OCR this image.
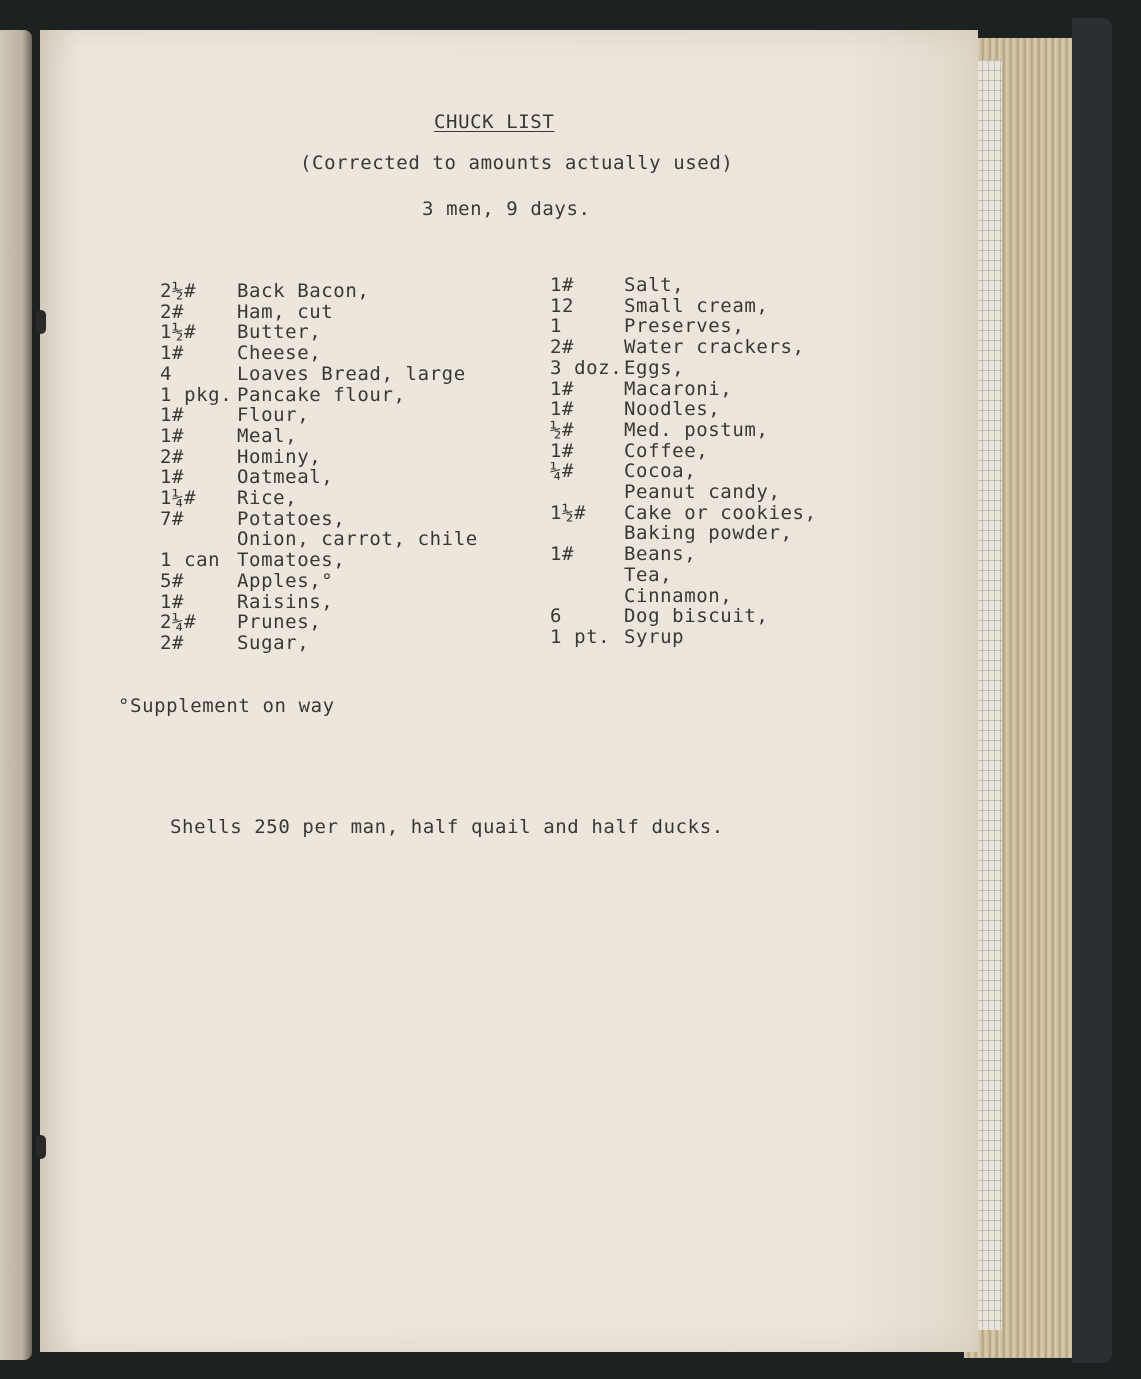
CHUCK LIST
(Corrected to amounts actually used)
3 men, 9 days.
2½# Back Bacon,
2#	Ham, cut
1½# Butter,
1#	Cheese,
4	Loaves Bread, large
1 pkg. Pancake flour,
1#	Flour,
1#	Meal,
2#	Hominy,
1#	Oatmeal,
1¼# Rice,
7#	Potatoes,
Onion, carrot, chile
1 can Tomatoes,
5#	Apples,°
1#	Raisins,
2¼# Prunes,
2#	Sugar,
1#	Salt,
12	Small cream,
1	Preserves,
2#	Water crackers,
3 doz. Eggs,
1#	Macaroni,
1#	Noodles,
½#	Med. postum,
1#	Coffee,
¼#	Cocoa,
Peanut candy,
1½# Cake or cookies,
Baking powder,
1#	Beans,
Tea,
Cinnamon,
6	Dog biscuit,
1 pt. Syrup
°Supplement on way
Shells 250 per man, half quail and half ducks.
